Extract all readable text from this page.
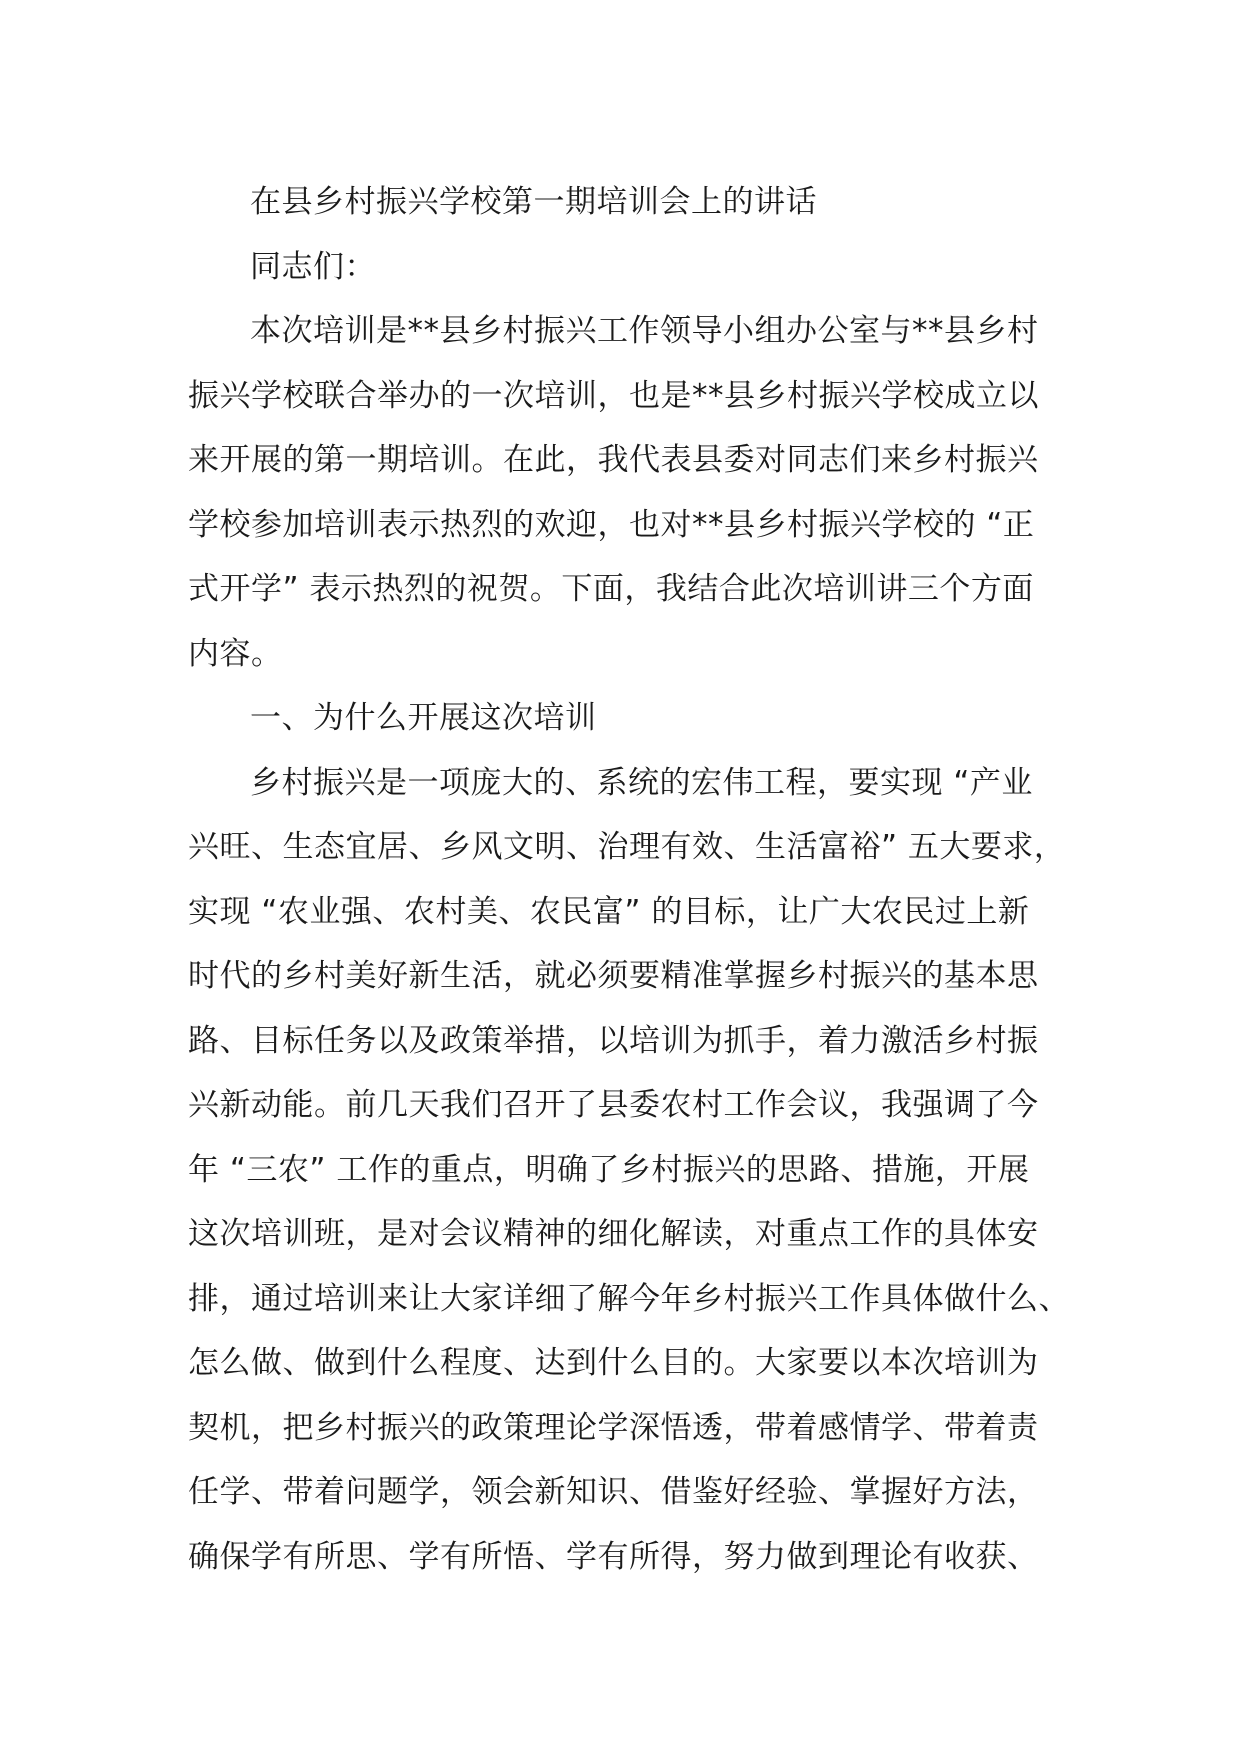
在县乡村振兴学校第一期培训会上的讲话
同志们：
本次培训是**县乡村振兴工作领导小组办公室与**县乡村
振兴学校联合举办的一次培训，也是**县乡村振兴学校成立以
来开展的第一期培训。在此，我代表县委对同志们来乡村振兴
学校参加培训表示热烈的欢迎，也对**县乡村振兴学校的 “正
式开学” 表示热烈的祝贺。下面，我结合此次培训讲三个方面
内容。
一、为什么开展这次培训
乡村振兴是一项庞大的、系统的宏伟工程，要实现 “产业
兴旺、生态宜居、乡风文明、治理有效、生活富裕” 五大要求，
实现 “农业强、农村美、农民富” 的目标，让广大农民过上新
时代的乡村美好新生活，就必须要精准掌握乡村振兴的基本思
路、目标任务以及政策举措，以培训为抓手，着力激活乡村振
兴新动能。前几天我们召开了县委农村工作会议，我强调了今
年 “三农” 工作的重点，明确了乡村振兴的思路、措施，开展
这次培训班，是对会议精神的细化解读，对重点工作的具体安
排，通过培训来让大家详细了解今年乡村振兴工作具体做什么、
怎么做、做到什么程度、达到什么目的。大家要以本次培训为
契机，把乡村振兴的政策理论学深悟透，带着感情学、带着责
任学、带着问题学，领会新知识、借鉴好经验、掌握好方法，
确保学有所思、学有所悟、学有所得，努力做到理论有收获、
